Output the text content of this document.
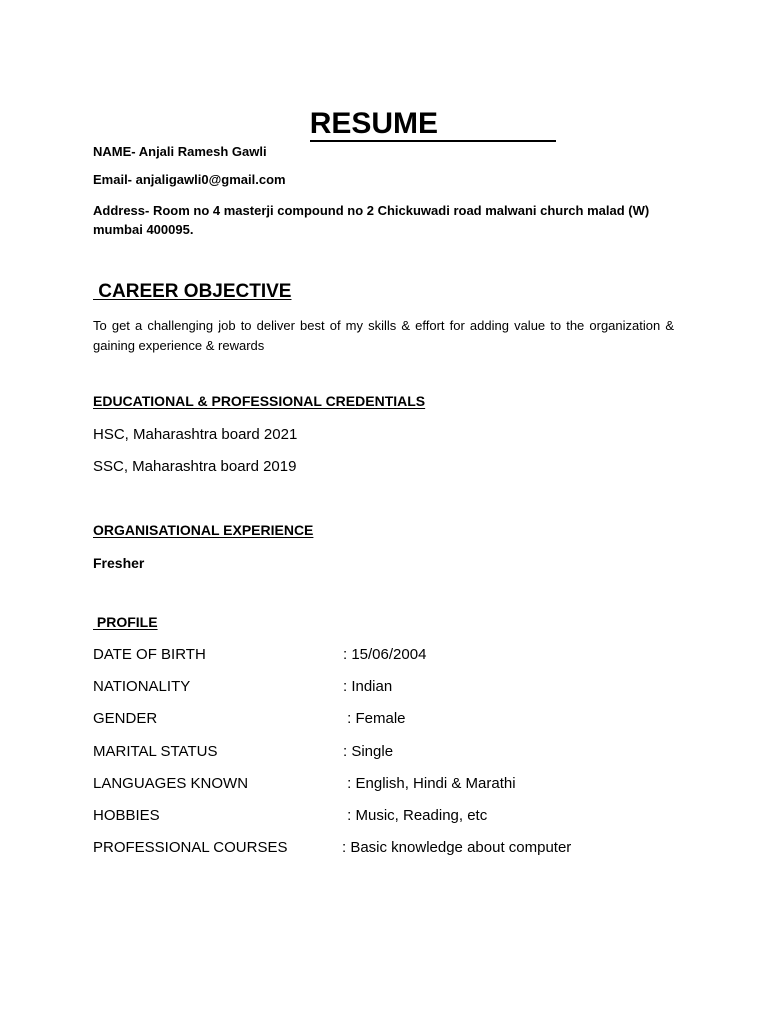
RESUME

NAME- Anjali Ramesh Gawli
Email- anjaligawli0@gmail.com

Address- Room no 4 masterji compound no 2 Chickuwadi road malwani church malad (W) mumbai 400095.

CAREER OBJECTIVE

To get a challenging job to deliver best of my skills & effort for adding value to the organization & gaining experience & rewards

EDUCATIONAL & PROFESSIONAL CREDENTIALS
HSC, Maharashtra board 2021
SSC, Maharashtra board 2019
ORGANISATIONAL EXPERIENCE
Fresher
PROFILE
DATE OF BIRTH	: 15/06/2004
NATIONALITY	: Indian
GENDER	: Female
MARITAL STATUS	: Single
LANGUAGES KNOWN	: English, Hindi & Marathi
HOBBIES	: Music, Reading, etc
PROFESSIONAL COURSES	: Basic knowledge about computer
